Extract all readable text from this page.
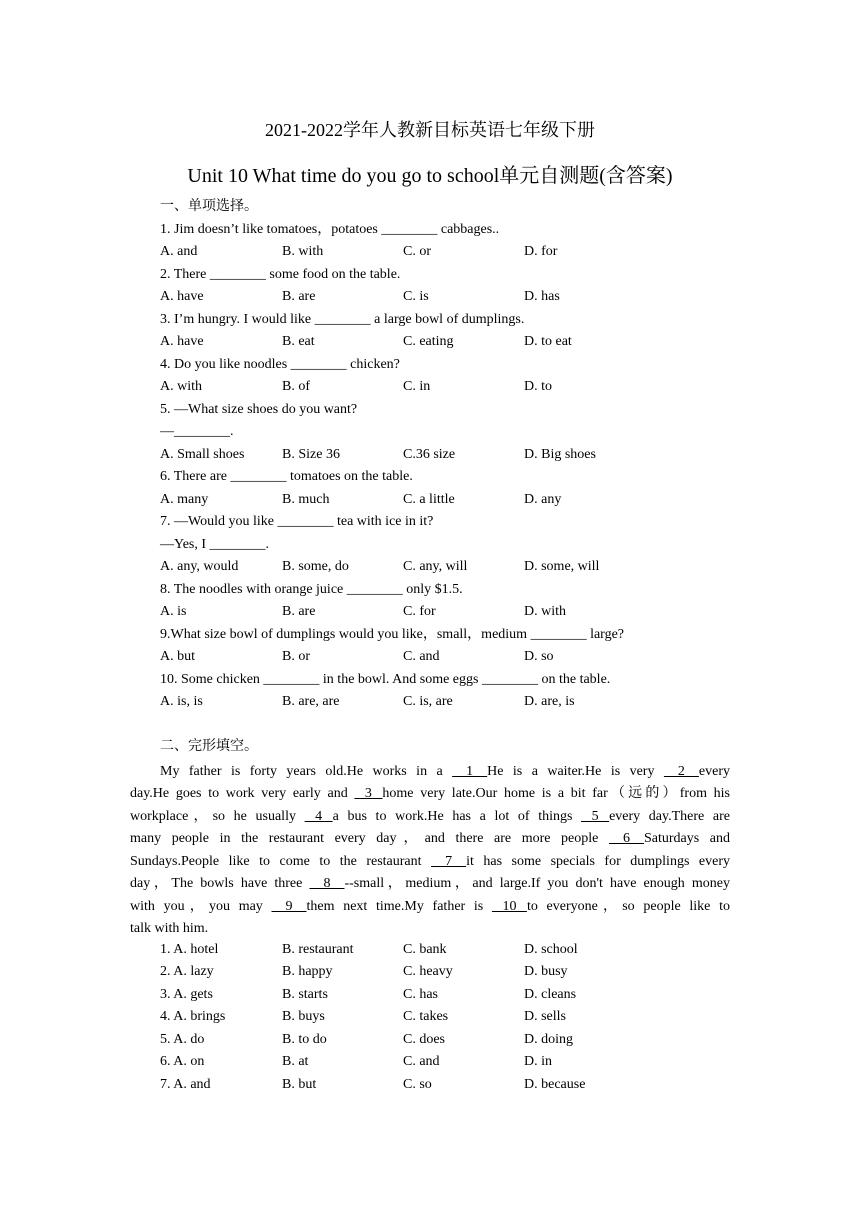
2021-2022学年人教新目标英语七年级下册
Unit 10 What time do you go to school单元自测题(含答案)
一、单项选择。
1. Jim doesn’t like tomatoes，potatoes ________ cabbages..
A. and	B. with	C. or	D. for
2. There ________ some food on the table.
A. have	B. are	C. is	D. has
3. I’m hungry. I would like ________ a large bowl of dumplings.
A. have	B. eat	C. eating	D. to eat
4. Do you like noodles ________ chicken?
A. with	B. of	C. in	D. to
5. —What size shoes do you want?
—________.
A. Small shoes	B. Size 36	C.36 size	D. Big shoes
6. There are ________ tomatoes on the table.
A. many	B. much	C. a little	D. any
7. —Would you like ________ tea with ice in it?
—Yes, I ________.
A. any, would	B. some, do	C. any, will	D. some, will
8. The noodles with orange juice ________ only $1.5.
A. is	B. are	C. for	D. with
9.What size bowl of dumplings would you like，small，medium ________ large?
A. but	B. or	C. and	D. so
10. Some chicken ________ in the bowl. And some eggs ________ on the table.
A. is, is	B. are, are	C. is, are	D. are, is
二、完形填空。
My father is forty years old.He works in a     1    He is a waiter.He is very     2    every
day.He goes to work very early and    3   home very late.Our home is a bit far（远的）from his
workplace，so he usually    4   a bus to work.He has a lot of things    5   every day.There are
many people in the restaurant every day，and there are more people     6    Saturdays and
Sundays.People like to come to the restaurant     7    it has some specials for dumplings every
day，The bowls have three     8    --small，medium，and large.If you don't have enough money
with you，you may     9    them next time.My father is    10   to everyone，so people like to
talk with him.
1. A. hotel	B. restaurant	C. bank	D. school
2. A. lazy	B. happy	C. heavy	D. busy
3. A. gets	B. starts	C. has	D. cleans
4. A. brings	B. buys	C. takes	D. sells
5. A. do	B. to do	C. does	D. doing
6. A. on	B. at	C. and	D. in
7. A. and	B. but	C. so	D. because
